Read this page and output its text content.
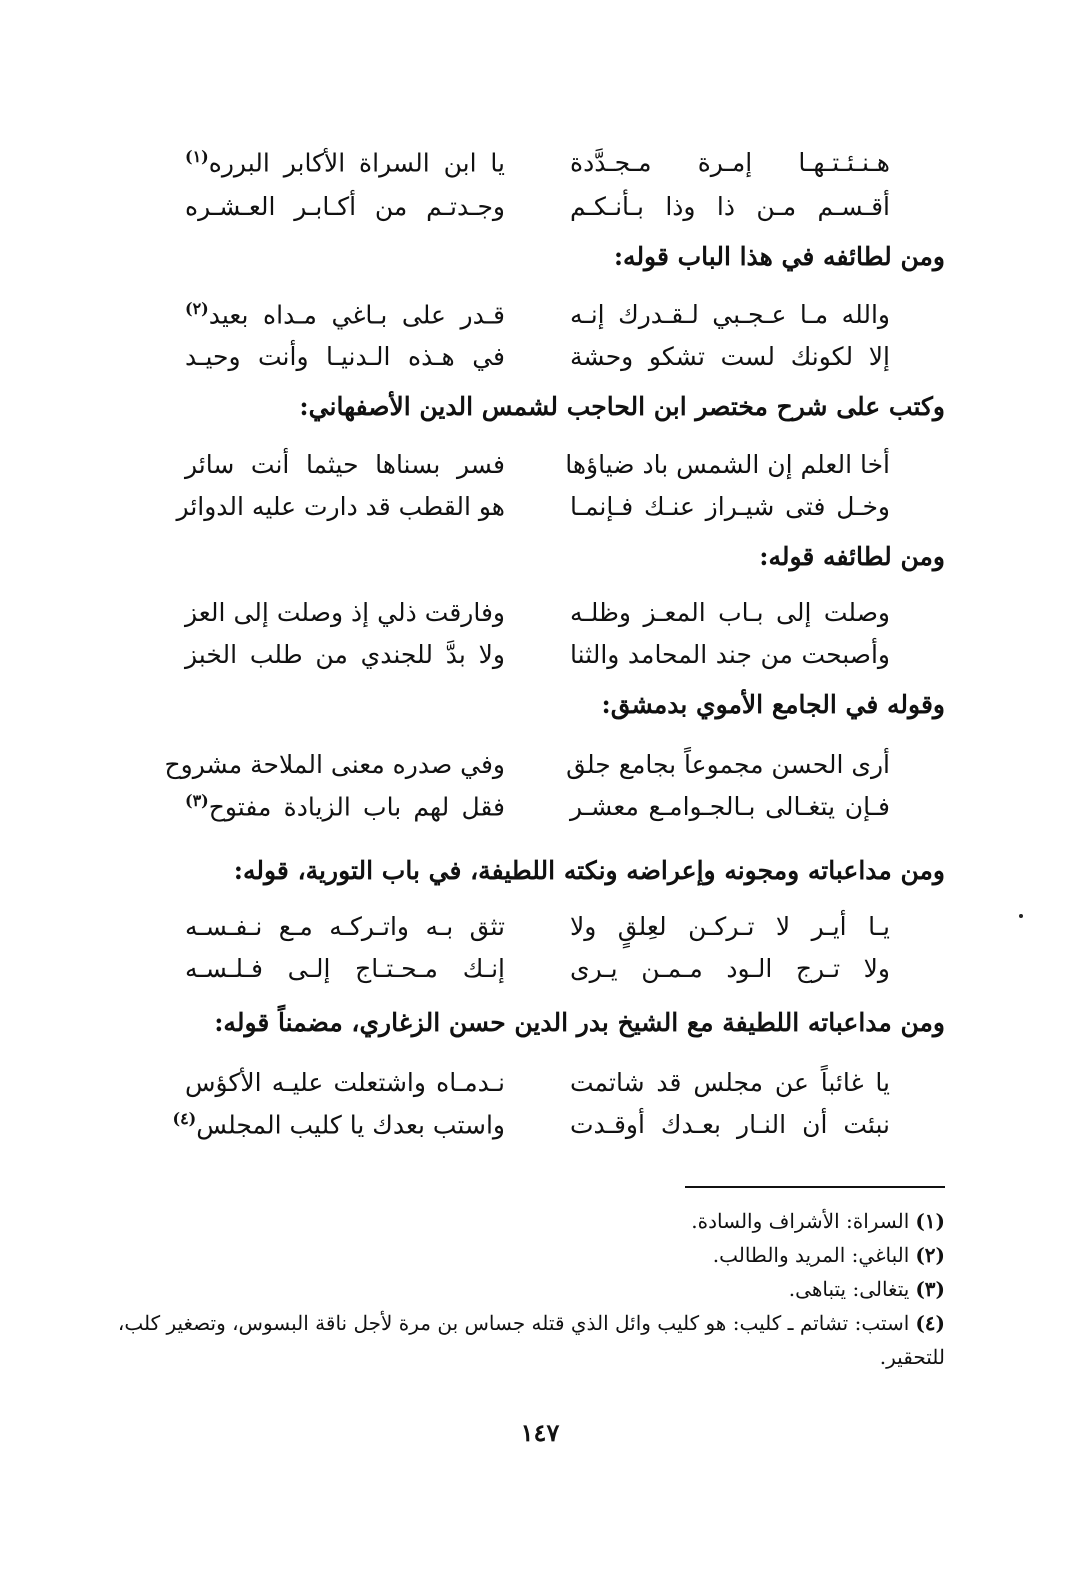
هـنـئـتـهـا إمـرة مـجـدَّدة
يا ابن السراة الأكابر البرره$^{(١)}$
أقـسـم مـن ذا وذا بـأنـكـم
وجـدتـم من أكـابـر العـشـره
ومن لطائفه في هذا الباب قوله:
والله مـا عـجـبي لـقـدرك إنـه
قـدر على بـاغي مـداه بعيد$^{(٢)}$
إلا لكونك لست تشكو وحشة
في هـذه الـدنيـا وأنت وحيـد
وكتب على شرح مختصر ابن الحاجب لشمس الدين الأصفهاني:
أخا العلم إن الشمس باد ضياؤها
فسر بسناها حيثما أنت سائر
وخـل فتى شيـراز عنـك فـإنمـا
هو القطب قد دارت عليه الدوائر
ومن لطائفه قوله:
وصلت إلى بـاب المعـز وظلـه
وفارقت ذلي إذ وصلت إلى العز
وأصبحت من جند المحامد والثنا
ولا بدَّ للجندي من طلب الخبز
وقوله في الجامع الأموي بدمشق:
أرى الحسن مجموعاً بجامع جلق
وفي صدره معنى الملاحة مشروح
فـإن يتغـالى بـالجـوامـع معشـر
فقل لهم باب الزيادة مفتوح$^{(٣)}$
ومن مداعباته ومجونه وإعراضه ونكته اللطيفة، في باب التورية، قوله:
يـا أيـر لا تـركـن لعِلقٍ ولا
تثق بـه واتـركـه مـع نـفـسـه
ولا تـرج الـود مـمـن يـرى
إنـك مـحـتـاج إلـى فـلـسـه
ومن مداعباته اللطيفة مع الشيخ بدر الدين حسن الزغاري، مضمناً قوله:
يا غائباً عن مجلس قد شاتمت
نـدمـاه واشتعلت عليـه الأكؤس
نبئت أن النـار بعـدك أوقـدت
واستب بعدك يا كليب المجلس$^{(٤)}$
(١)السراة: الأشراف والسادة.
(٢)الباغي: المريد والطالب.
(٣)يتغالى: يتباهى.
(٤)استب: تشاتم ـ كليب: هو كليب وائل الذي قتله جساس بن مرة لأجل ناقة البسوس، وتصغير كلب، للتحقير.
١٤٧
